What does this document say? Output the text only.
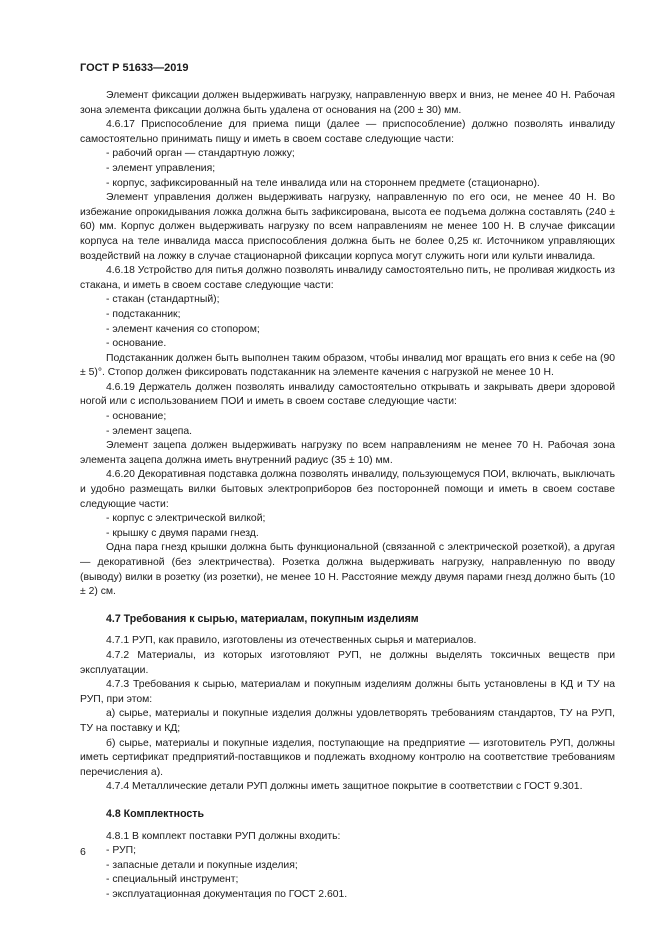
ГОСТ Р 51633—2019

Элемент фиксации должен выдерживать нагрузку, направленную вверх и вниз, не менее 40 Н. Рабочая зона элемента фиксации должна быть удалена от основания на (200 ± 30) мм.

4.6.17 Приспособление для приема пищи (далее — приспособление) должно позволять инвалиду самостоятельно принимать пищу и иметь в своем составе следующие части:

- рабочий орган — стандартную ложку;

- элемент управления;

- корпус, зафиксированный на теле инвалида или на стороннем предмете (стационарно).

Элемент управления должен выдерживать нагрузку, направленную по его оси, не менее 40 Н. Во избежание опрокидывания ложка должна быть зафиксирована, высота ее подъема должна составлять (240 ± 60) мм. Корпус должен выдерживать нагрузку по всем направлениям не менее 100 Н. В случае фиксации корпуса на теле инвалида масса приспособления должна быть не более 0,25 кг. Источником управляющих воздействий на ложку в случае стационарной фиксации корпуса могут служить ноги или культи инвалида.

4.6.18 Устройство для питья должно позволять инвалиду самостоятельно пить, не проливая жидкость из стакана, и иметь в своем составе следующие части:

- стакан (стандартный);

- подстаканник;

- элемент качения со стопором;

- основание.

Подстаканник должен быть выполнен таким образом, чтобы инвалид мог вращать его вниз к себе на (90 ± 5)°. Стопор должен фиксировать подстаканник на элементе качения с нагрузкой не менее 10 Н.

4.6.19 Держатель должен позволять инвалиду самостоятельно открывать и закрывать двери здоровой ногой или с использованием ПОИ и иметь в своем составе следующие части:

- основание;

- элемент зацепа.

Элемент зацепа должен выдерживать нагрузку по всем направлениям не менее 70 Н. Рабочая зона элемента зацепа должна иметь внутренний радиус (35 ± 10) мм.

4.6.20 Декоративная подставка должна позволять инвалиду, пользующемуся ПОИ, включать, выключать и удобно размещать вилки бытовых электроприборов без посторонней помощи и иметь в своем составе следующие части:

- корпус с электрической вилкой;

- крышку с двумя парами гнезд.

Одна пара гнезд крышки должна быть функциональной (связанной с электрической розеткой), а другая — декоративной (без электричества). Розетка должна выдерживать нагрузку, направленную по вводу (выводу) вилки в розетку (из розетки), не менее 10 Н. Расстояние между двумя парами гнезд должно быть (10 ± 2) см.

4.7 Требования к сырью, материалам, покупным изделиям

4.7.1 РУП, как правило, изготовлены из отечественных сырья и материалов.

4.7.2 Материалы, из которых изготовляют РУП, не должны выделять токсичных веществ при эксплуатации.

4.7.3 Требования к сырью, материалам и покупным изделиям должны быть установлены в КД и ТУ на РУП, при этом:

а) сырье, материалы и покупные изделия должны удовлетворять требованиям стандартов, ТУ на РУП, ТУ на поставку и КД;

б) сырье, материалы и покупные изделия, поступающие на предприятие — изготовитель РУП, должны иметь сертификат предприятий-поставщиков и подлежать входному контролю на соответствие требованиям перечисления а).

4.7.4 Металлические детали РУП должны иметь защитное покрытие в соответствии с ГОСТ 9.301.

4.8 Комплектность

4.8.1 В комплект поставки РУП должны входить:

- РУП;

- запасные детали и покупные изделия;

- специальный инструмент;

- эксплуатационная документация по ГОСТ 2.601.

6
